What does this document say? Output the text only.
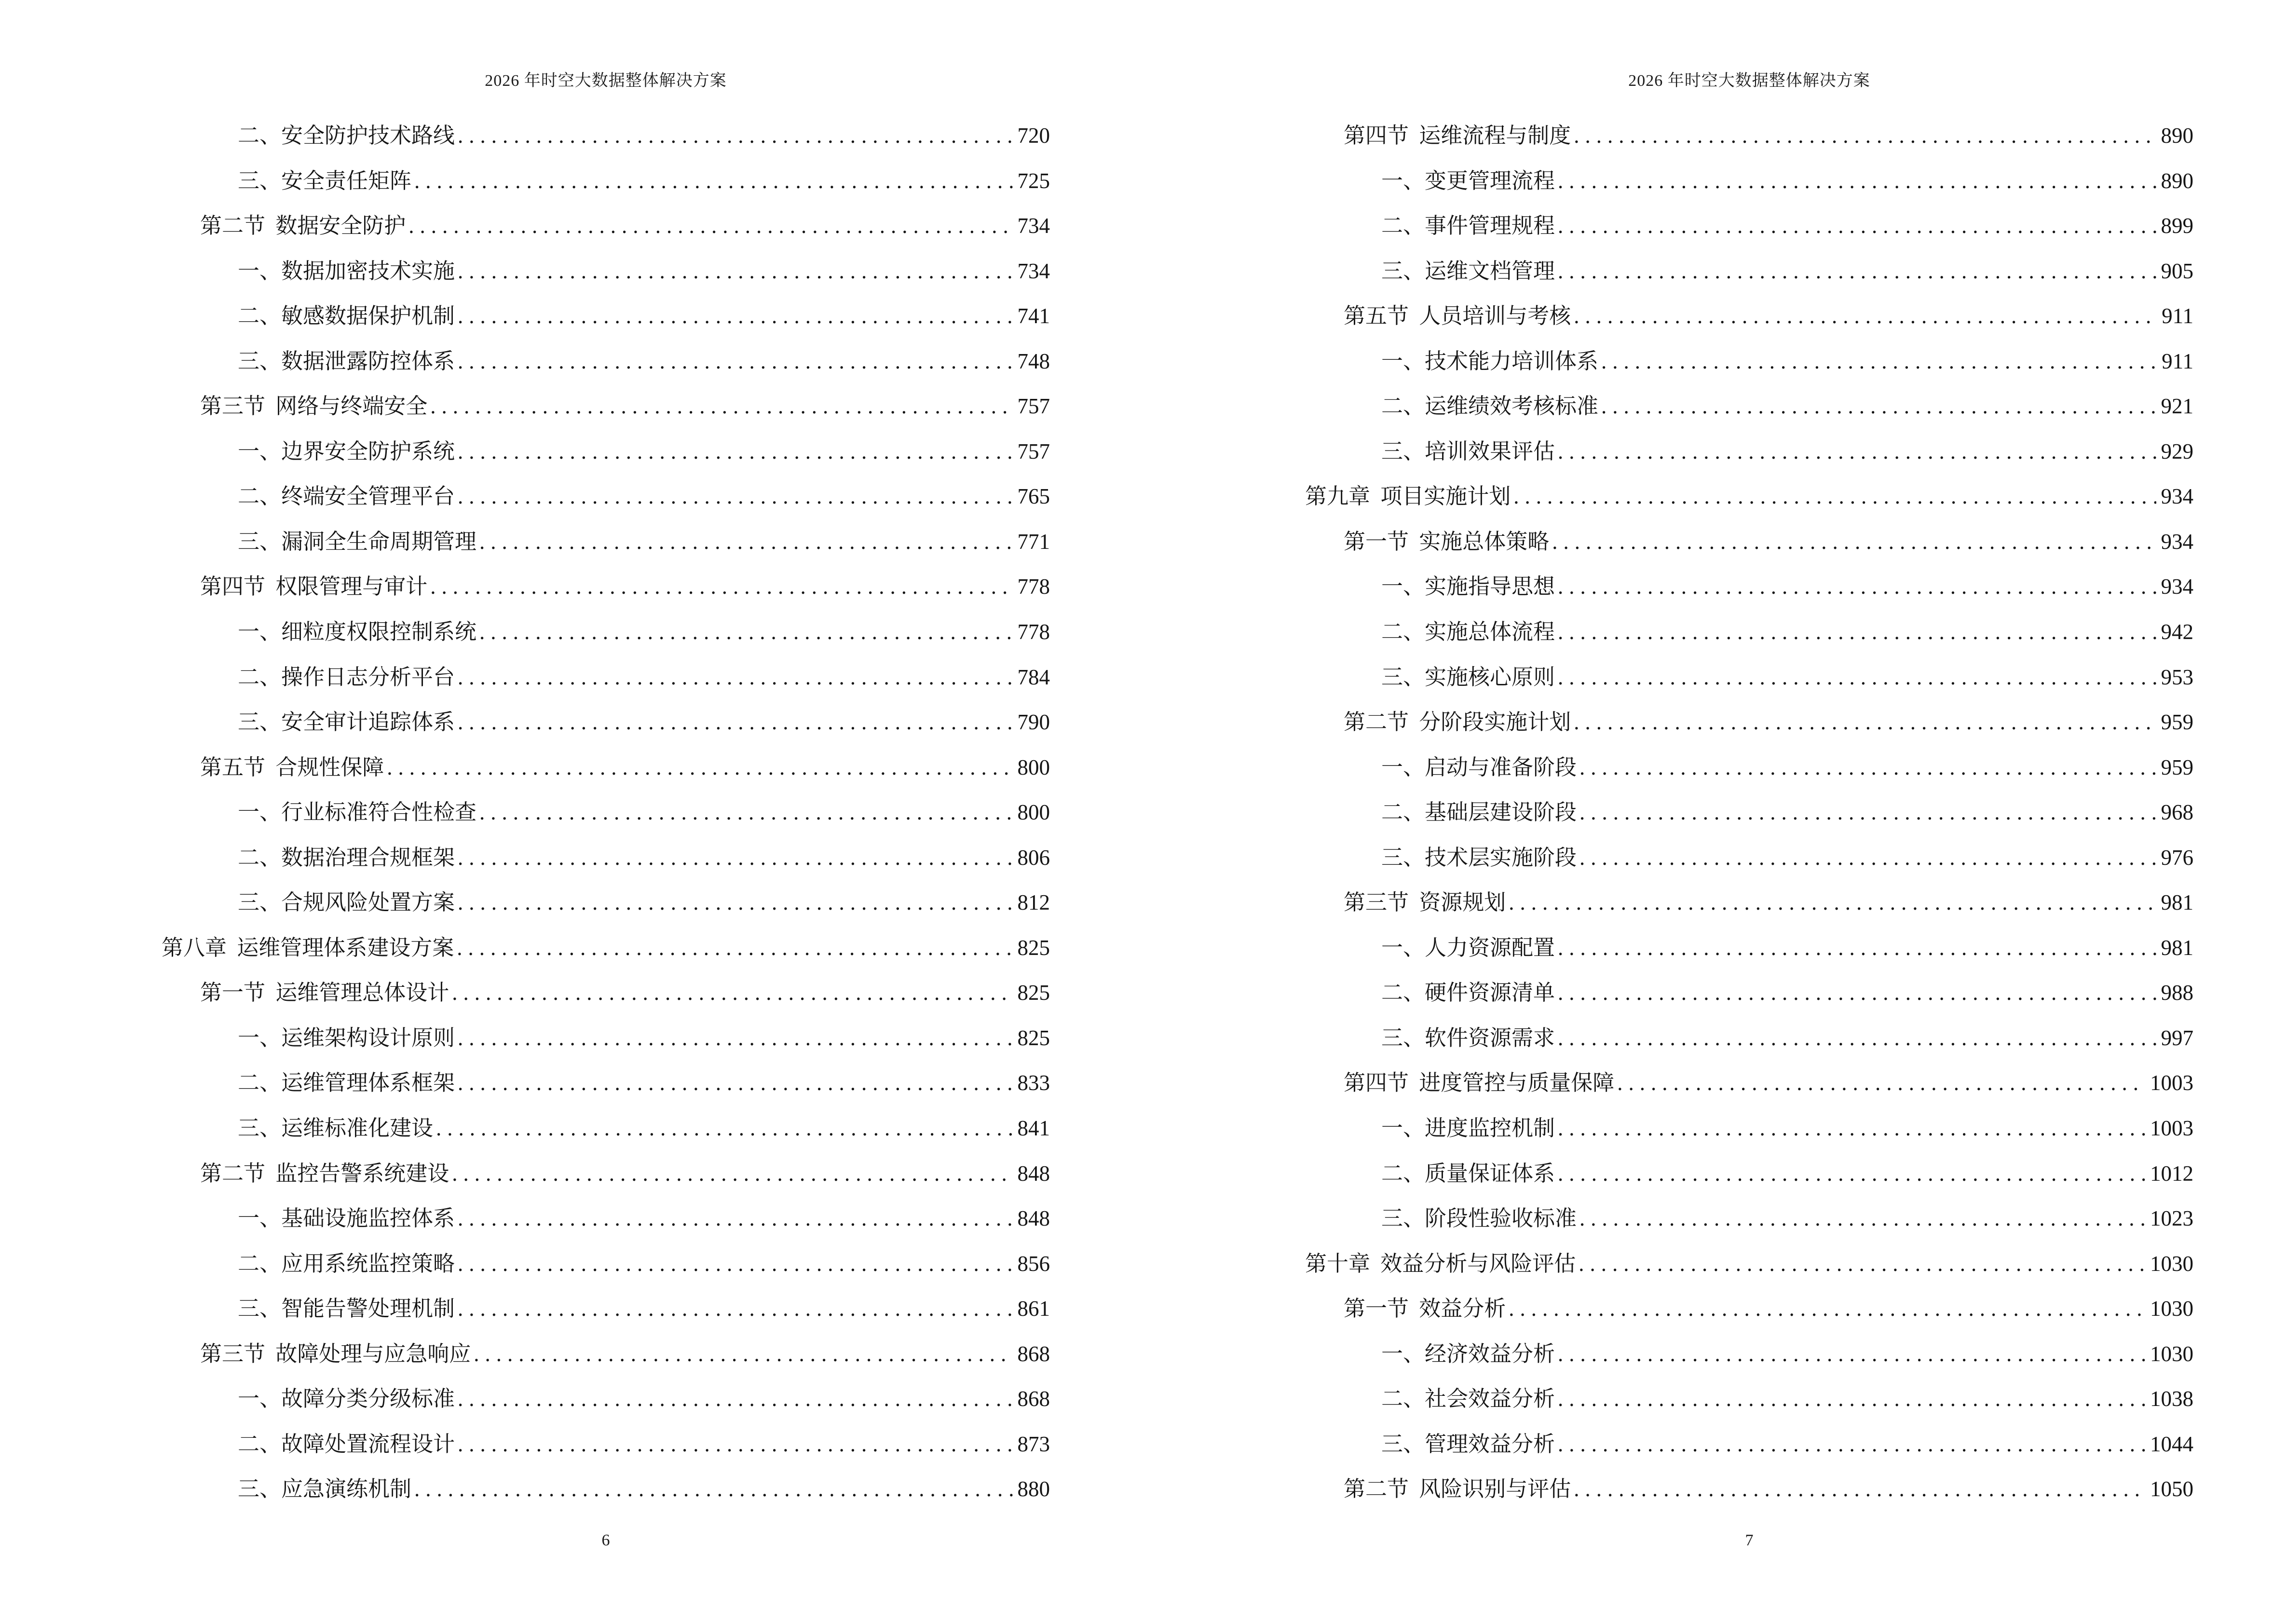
2026 年时空大数据整体解决方案
二、安全防护技术路线 .....	720
三、安全责任矩阵 .....	725
第二节 数据安全防护 .....	734
一、数据加密技术实施 .....	734
二、敏感数据保护机制 .....	741
三、数据泄露防控体系 .....	748
第三节 网络与终端安全 .....	757
一、边界安全防护系统 .....	757
二、终端安全管理平台 .....	765
三、漏洞全生命周期管理 .....	771
第四节 权限管理与审计 .....	778
一、细粒度权限控制系统 .....	778
二、操作日志分析平台 .....	784
三、安全审计追踪体系 .....	790
第五节 合规性保障 .....	800
一、行业标准符合性检查 .....	800
二、数据治理合规框架 .....	806
三、合规风险处置方案 .....	812
第八章 运维管理体系建设方案 .....	825
第一节 运维管理总体设计 .....	825
一、运维架构设计原则 .....	825
二、运维管理体系框架 .....	833
三、运维标准化建设 .....	841
第二节 监控告警系统建设 .....	848
一、基础设施监控体系 .....	848
二、应用系统监控策略 .....	856
三、智能告警处理机制 .....	861
第三节 故障处理与应急响应 .....	868
一、故障分类分级标准 .....	868
二、故障处置流程设计 .....	873
三、应急演练机制 .....	880
6
2026 年时空大数据整体解决方案
第四节 运维流程与制度 .....	890
一、变更管理流程 .....	890
二、事件管理规程 .....	899
三、运维文档管理 .....	905
第五节 人员培训与考核 .....	911
一、技术能力培训体系 .....	911
二、运维绩效考核标准 .....	921
三、培训效果评估 .....	929
第九章 项目实施计划 .....	934
第一节 实施总体策略 .....	934
一、实施指导思想 .....	934
二、实施总体流程 .....	942
三、实施核心原则 .....	953
第二节 分阶段实施计划 .....	959
一、启动与准备阶段 .....	959
二、基础层建设阶段 .....	968
三、技术层实施阶段 .....	976
第三节 资源规划 .....	981
一、人力资源配置 .....	981
二、硬件资源清单 .....	988
三、软件资源需求 .....	997
第四节 进度管控与质量保障 .....	1003
一、进度监控机制 .....	1003
二、质量保证体系 .....	1012
三、阶段性验收标准 .....	1023
第十章 效益分析与风险评估 .....	1030
第一节 效益分析 .....	1030
一、经济效益分析 .....	1030
二、社会效益分析 .....	1038
三、管理效益分析 .....	1044
第二节 风险识别与评估 .....	1050
7
